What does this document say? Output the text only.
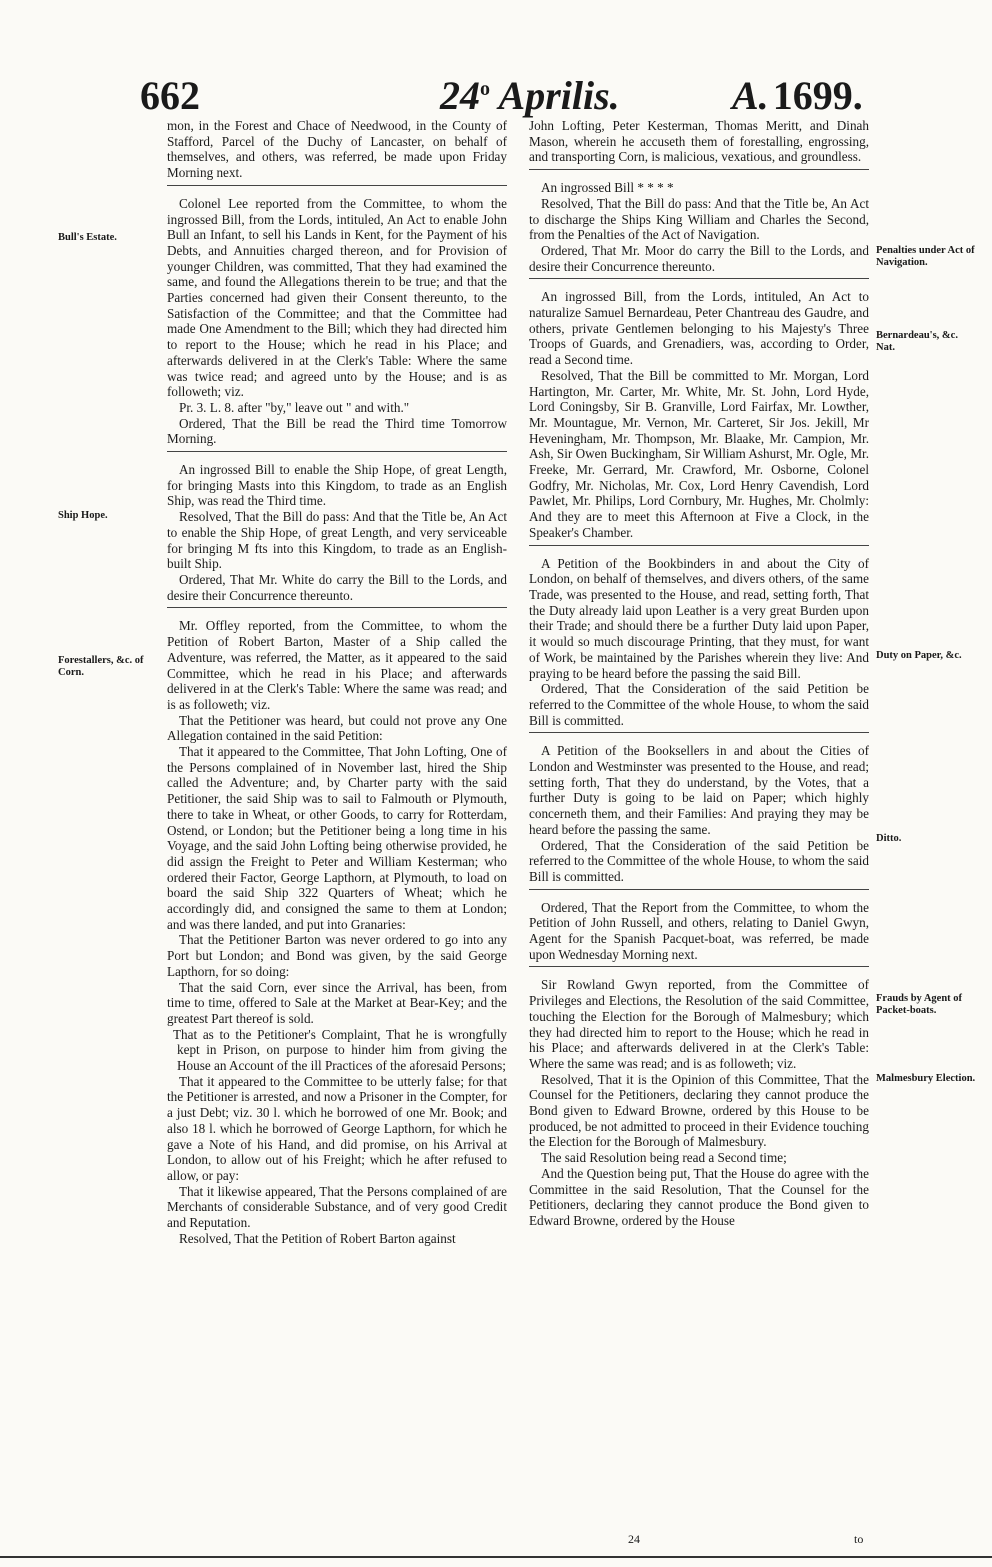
662	24$^o$ Aprilis.	A. 1699.
Bull's Estate.
Ship Hope.
Forestallers, &c. of Corn.
Penalties under Act of Navigation.
Bernardeau's, &c. Nat.
Duty on Paper, &c.
Ditto.
Frauds by Agent of Packet-boats.
Malmesbury Election.

mon, in the Forest and Chace of Needwood, in the County of Stafford, Parcel of the Duchy of Lancaster, on behalf of themselves, and others, was referred, be made upon Friday Morning next.

Colonel Lee reported from the Committee, to whom the ingrossed Bill, from the Lords, intituled, An Act to enable John Bull an Infant, to sell his Lands in Kent, for the Payment of his Debts, and Annuities charged thereon, and for Provision of younger Children, was committed, That they had examined the same, and found the Allegations therein to be true; and that the Parties concerned had given their Consent thereunto, to the Satisfaction of the Committee; and that the Committee had made One Amendment to the Bill; which they had directed him to report to the House; which he read in his Place; and afterwards delivered in at the Clerk's Table: Where the same was twice read; and agreed unto by the House; and is as followeth; viz.

Pr. 3. L. 8. after "by," leave out " and with."

Ordered, That the Bill be read the Third time Tomorrow Morning.

An ingrossed Bill to enable the Ship Hope, of great Length, for bringing Masts into this Kingdom, to trade as an English Ship, was read the Third time.

Resolved, That the Bill do pass: And that the Title be, An Act to enable the Ship Hope, of great Length, and very serviceable for bringing M fts into this Kingdom, to trade as an English-built Ship.

Ordered, That Mr. White do carry the Bill to the Lords, and desire their Concurrence thereunto.

Mr. Offley reported, from the Committee, to whom the Petition of Robert Barton, Master of a Ship called the Adventure, was referred, the Matter, as it appeared to the said Committee, which he read in his Place; and afterwards delivered in at the Clerk's Table: Where the same was read; and is as followeth; viz.

That the Petitioner was heard, but could not prove any One Allegation contained in the said Petition:

That it appeared to the Committee, That John Lofting, One of the Persons complained of in November last, hired the Ship called the Adventure; and, by Charter party with the said Petitioner, the said Ship was to sail to Falmouth or Plymouth, there to take in Wheat, or other Goods, to carry for Rotterdam, Ostend, or London; but the Petitioner being a long time in his Voyage, and the said John Lofting being otherwise provided, he did assign the Freight to Peter and William Kesterman; who ordered their Factor, George Lapthorn, at Plymouth, to load on board the said Ship 322 Quarters of Wheat; which he accordingly did, and consigned the same to them at London; and was there landed, and put into Granaries:

That the Petitioner Barton was never ordered to go into any Port but London; and Bond was given, by the said George Lapthorn, for so doing:

That the said Corn, ever since the Arrival, has been, from time to time, offered to Sale at the Market at Bear-Key; and the greatest Part thereof is sold.

That as to the Petitioner's Complaint, That he is wrongfully kept in Prison, on purpose to hinder him from giving the House an Account of the ill Practices of the aforesaid Persons;

That it appeared to the Committee to be utterly false; for that the Petitioner is arrested, and now a Prisoner in the Compter, for a just Debt; viz. 30 l. which he borrowed of one Mr. Book; and also 18 l. which he borrowed of George Lapthorn, for which he gave a Note of his Hand, and did promise, on his Arrival at London, to allow out of his Freight; which he after refused to allow, or pay:

That it likewise appeared, That the Persons complained of are Merchants of considerable Substance, and of very good Credit and Reputation.

Resolved, That the Petition of Robert Barton against

John Lofting, Peter Kesterman, Thomas Meritt, and Dinah Mason, wherein he accuseth them of forestalling, engrossing, and transporting Corn, is malicious, vexatious, and groundless.

An ingrossed Bill * * * *

Resolved, That the Bill do pass: And that the Title be, An Act to discharge the Ships King William and Charles the Second, from the Penalties of the Act of Navigation.

Ordered, That Mr. Moor do carry the Bill to the Lords, and desire their Concurrence thereunto.

An ingrossed Bill, from the Lords, intituled, An Act to naturalize Samuel Bernardeau, Peter Chantreau des Gaudre, and others, private Gentlemen belonging to his Majesty's Three Troops of Guards, and Grenadiers, was, according to Order, read a Second time.

Resolved, That the Bill be committed to Mr. Morgan, Lord Hartington, Mr. Carter, Mr. White, Mr. St. John, Lord Hyde, Lord Coningsby, Sir B. Granville, Lord Fairfax, Mr. Lowther, Mr. Mountague, Mr. Vernon, Mr. Carteret, Sir Jos. Jekill, Mr Heveningham, Mr. Thompson, Mr. Blaake, Mr. Campion, Mr. Ash, Sir Owen Buckingham, Sir William Ashurst, Mr. Ogle, Mr. Freeke, Mr. Gerrard, Mr. Crawford, Mr. Osborne, Colonel Godfry, Mr. Nicholas, Mr. Cox, Lord Henry Cavendish, Lord Pawlet, Mr. Philips, Lord Cornbury, Mr. Hughes, Mr. Cholmly: And they are to meet this Afternoon at Five a Clock, in the Speaker's Chamber.

A Petition of the Bookbinders in and about the City of London, on behalf of themselves, and divers others, of the same Trade, was presented to the House, and read, setting forth, That the Duty already laid upon Leather is a very great Burden upon their Trade; and should there be a further Duty laid upon Paper, it would so much discourage Printing, that they must, for want of Work, be maintained by the Parishes wherein they live: And praying to be heard before the passing the said Bill.

Ordered, That the Consideration of the said Petition be referred to the Committee of the whole House, to whom the said Bill is committed.

A Petition of the Booksellers in and about the Cities of London and Westminster was presented to the House, and read; setting forth, That they do understand, by the Votes, that a further Duty is going to be laid on Paper; which highly concerneth them, and their Families: And praying they may be heard before the passing the same.

Ordered, That the Consideration of the said Petition be referred to the Committee of the whole House, to whom the said Bill is committed.

Ordered, That the Report from the Committee, to whom the Petition of John Russell, and others, relating to Daniel Gwyn, Agent for the Spanish Pacquet-boat, was referred, be made upon Wednesday Morning next.

Sir Rowland Gwyn reported, from the Committee of Privileges and Elections, the Resolution of the said Committee, touching the Election for the Borough of Malmesbury; which they had directed him to report to the House; which he read in his Place; and afterwards delivered in at the Clerk's Table: Where the same was read; and is as followeth; viz.

Resolved, That it is the Opinion of this Committee, That the Counsel for the Petitioners, declaring they cannot produce the Bond given to Edward Browne, ordered by this House to be produced, be not admitted to proceed in their Evidence touching the Election for the Borough of Malmesbury.

The said Resolution being read a Second time;

And the Question being put, That the House do agree with the Committee in the said Resolution, That the Counsel for the Petitioners, declaring they cannot produce the Bond given to Edward Browne, ordered by the House

24	to
